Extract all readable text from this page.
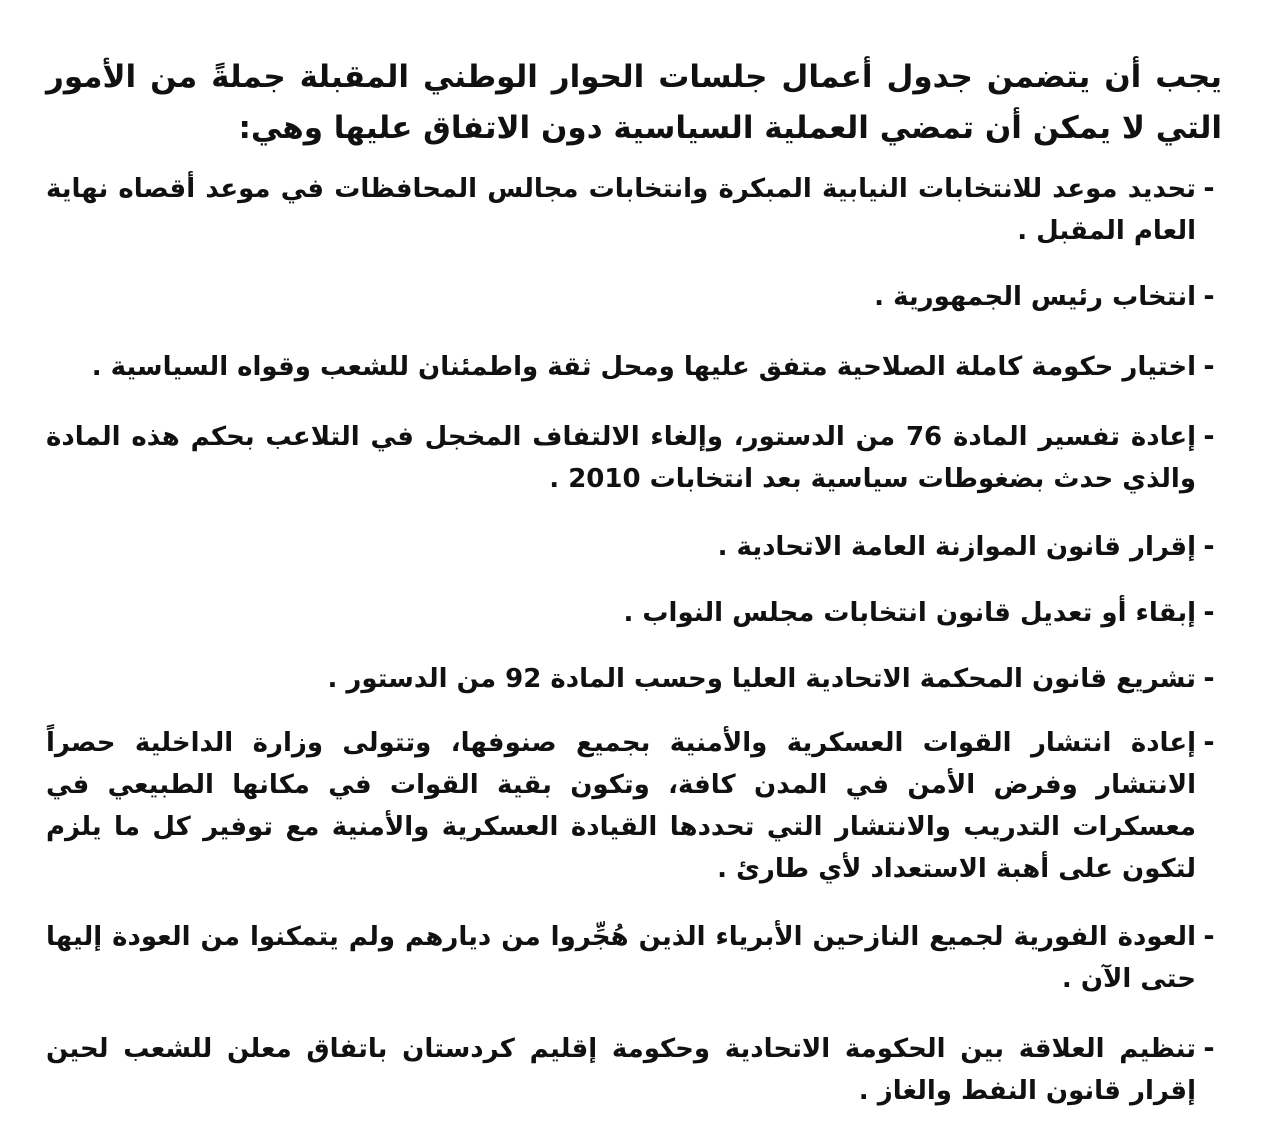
يجب أن يتضمن جدول أعمال جلسات الحوار الوطني المقبلة جملةً من الأمور التي لا يمكن أن تمضي العملية السياسية دون الاتفاق عليها وهي:

-
تحديد موعد للانتخابات النيابية المبكرة وانتخابات مجالس المحافظات في موعد أقصاه نهاية العام المقبل .
-
انتخاب رئيس الجمهورية .
-
اختيار حكومة كاملة الصلاحية متفق عليها ومحل ثقة واطمئنان للشعب وقواه السياسية .
-
إعادة تفسير المادة 76 من الدستور، وإلغاء الالتفاف المخجل في التلاعب بحكم هذه المادة والذي حدث بضغوطات سياسية بعد انتخابات 2010 .
-
إقرار قانون الموازنة العامة الاتحادية .
-
إبقاء أو تعديل قانون انتخابات مجلس النواب .
-
تشريع قانون المحكمة الاتحادية العليا وحسب المادة 92 من الدستور .
-
إعادة انتشار القوات العسكرية والأمنية بجميع صنوفها، وتتولى وزارة الداخلية حصراً الانتشار وفرض الأمن في المدن كافة، وتكون بقية القوات في مكانها الطبيعي في معسكرات التدريب والانتشار التي تحددها القيادة العسكرية والأمنية مع توفير كل ما يلزم لتكون على أهبة الاستعداد لأي طارئ .
-
العودة الفورية لجميع النازحين الأبرياء الذين هُجِّروا من ديارهم ولم يتمكنوا من العودة إليها حتى الآن .
-
تنظيم العلاقة بين الحكومة الاتحادية وحكومة إقليم كردستان باتفاق معلن للشعب لحين إقرار قانون النفط والغاز .
